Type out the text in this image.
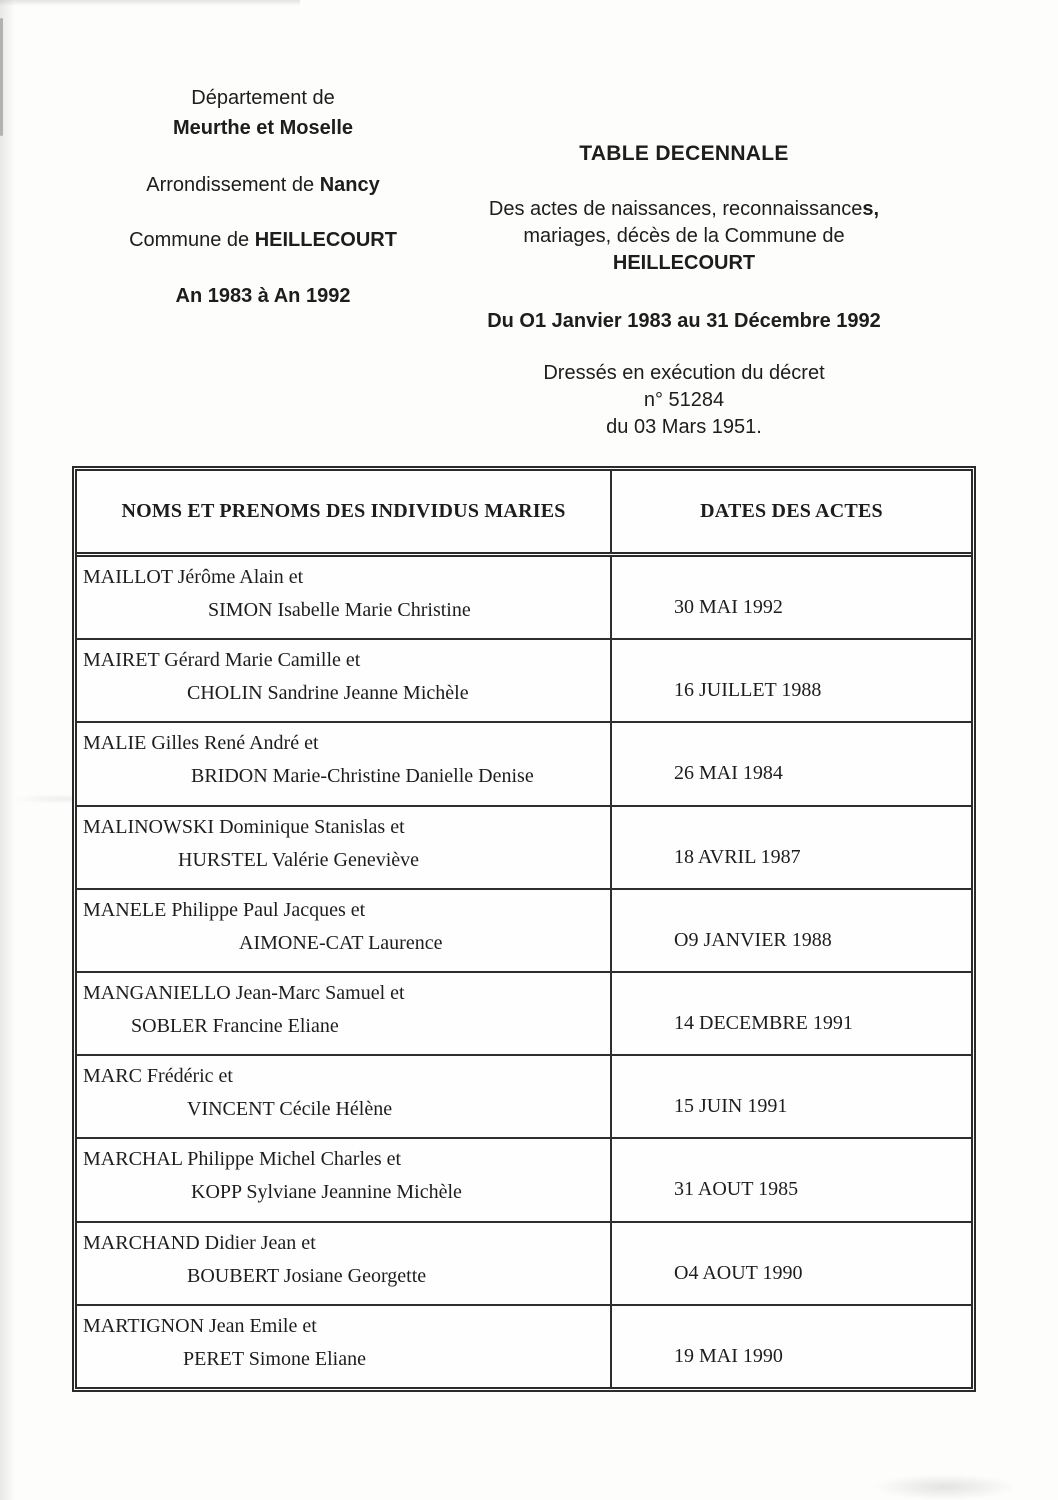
Département de

Meurthe et Moselle

Arrondissement de Nancy

Commune de HEILLECOURT

An 1983 à An 1992

TABLE DECENNALE

Des actes de naissances, reconnaissances,

mariages, décès de la Commune de

HEILLECOURT

Du O1 Janvier 1983 au 31 Décembre 1992

Dressés en exécution du décret

n° 51284

du 03 Mars 1951.

NOMS ET PRENOMS DES INDIVIDUS MARIES	DATES DES ACTES
MAILLOT Jérôme Alain et
SIMON Isabelle Marie Christine	30 MAI 1992
MAIRET Gérard Marie Camille et
CHOLIN Sandrine Jeanne Michèle	16 JUILLET 1988
MALIE Gilles René André et
BRIDON Marie-Christine Danielle Denise	26 MAI 1984
MALINOWSKI Dominique Stanislas et
HURSTEL Valérie Geneviève	18 AVRIL 1987
MANELE Philippe Paul Jacques et
AIMONE-CAT Laurence	O9 JANVIER 1988
MANGANIELLO Jean-Marc Samuel et
SOBLER Francine Eliane	14 DECEMBRE 1991
MARC Frédéric et
VINCENT Cécile Hélène	15 JUIN 1991
MARCHAL Philippe Michel Charles et
KOPP Sylviane Jeannine Michèle	31 AOUT 1985
MARCHAND Didier Jean et
BOUBERT Josiane Georgette	O4 AOUT 1990
MARTIGNON Jean Emile et
PERET Simone Eliane	19 MAI 1990
